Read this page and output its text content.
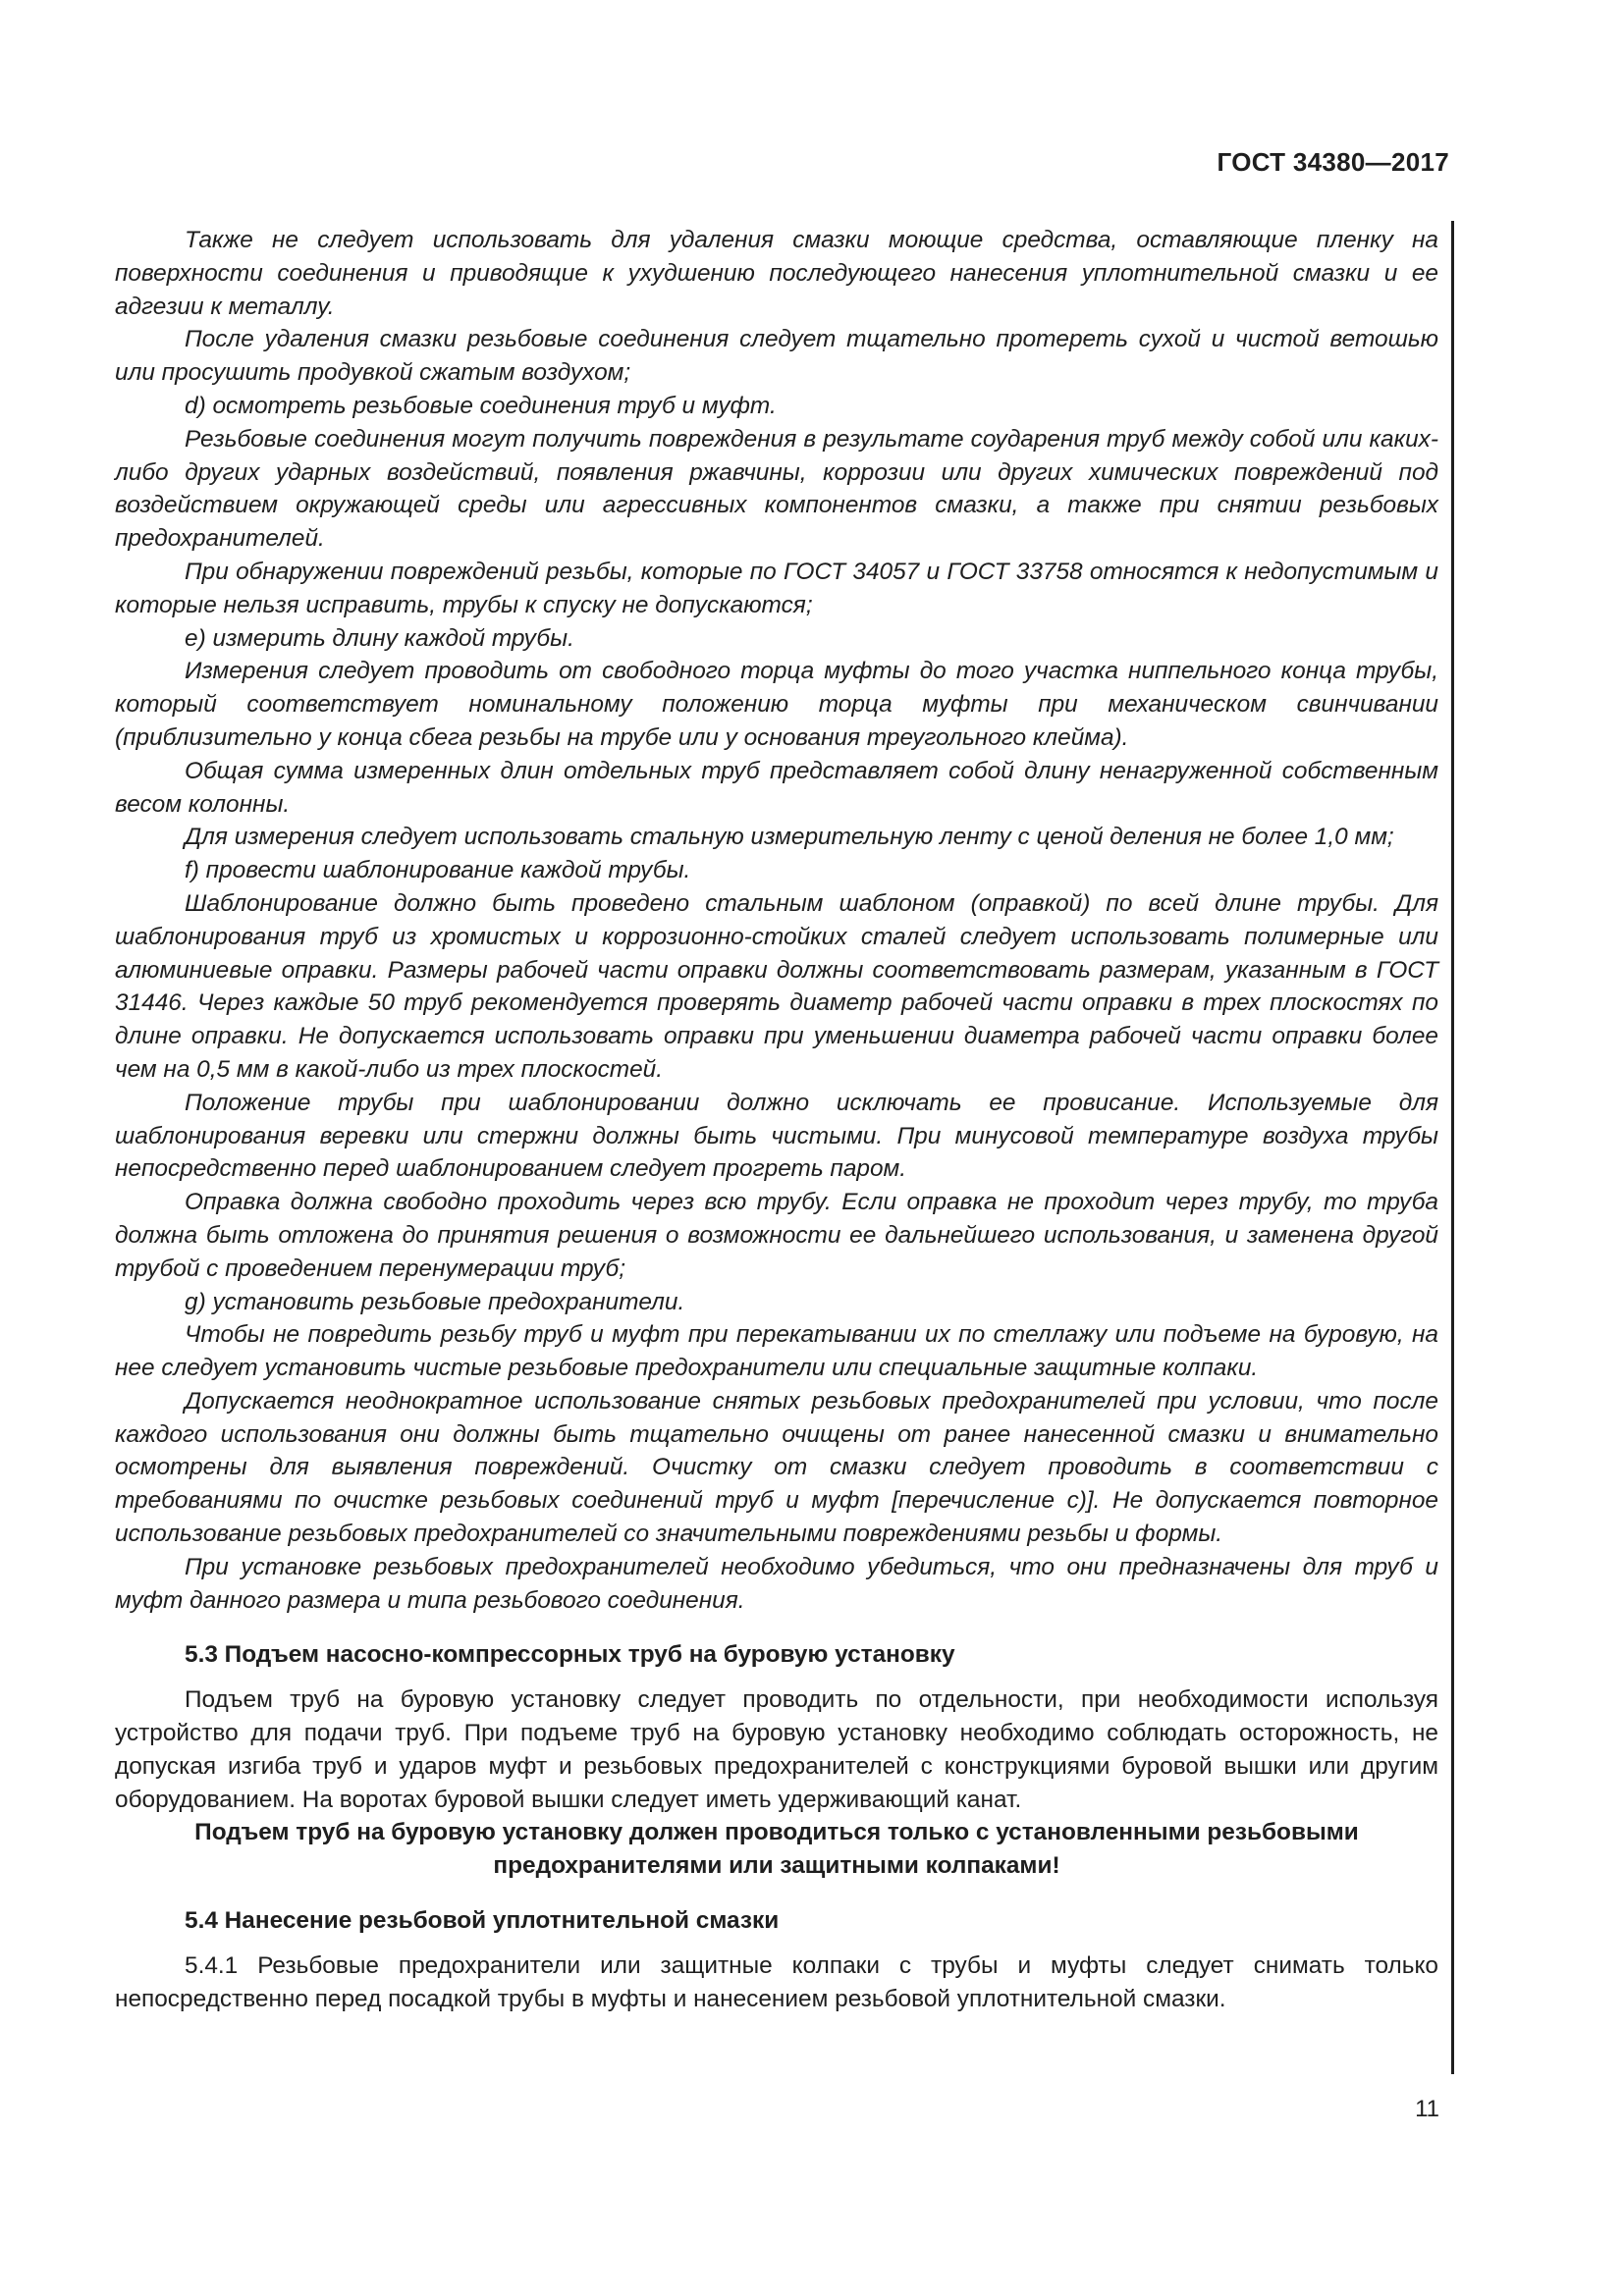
ГОСТ 34380—2017

Также не следует использовать для удаления смазки моющие средства, оставляющие пленку на поверхности соединения и приводящие к ухудшению последующего нанесения уплотнительной смазки и ее адгезии к металлу.

После удаления смазки резьбовые соединения следует тщательно протереть сухой и чистой ветошью или просушить продувкой сжатым воздухом;

d) осмотреть резьбовые соединения труб и муфт.

Резьбовые соединения могут получить повреждения в результате соударения труб между собой или каких-либо других ударных воздействий, появления ржавчины, коррозии или других химических повреждений под воздействием окружающей среды или агрессивных компонентов смазки, а также при снятии резьбовых предохранителей.

При обнаружении повреждений резьбы, которые по ГОСТ 34057 и ГОСТ 33758 относятся к недопустимым и которые нельзя исправить, трубы к спуску не допускаются;

e) измерить длину каждой трубы.

Измерения следует проводить от свободного торца муфты до того участка ниппельного конца трубы, который соответствует номинальному положению торца муфты при механическом свинчивании (приблизительно у конца сбега резьбы на трубе или у основания треугольного клейма).

Общая сумма измеренных длин отдельных труб представляет собой длину ненагруженной собственным весом колонны.

Для измерения следует использовать стальную измерительную ленту с ценой деления не более 1,0 мм;

f) провести шаблонирование каждой трубы.

Шаблонирование должно быть проведено стальным шаблоном (оправкой) по всей длине трубы. Для шаблонирования труб из хромистых и коррозионно-стойких сталей следует использовать полимерные или алюминиевые оправки. Размеры рабочей части оправки должны соответствовать размерам, указанным в ГОСТ 31446. Через каждые 50 труб рекомендуется проверять диаметр рабочей части оправки в трех плоскостях по длине оправки. Не допускается использовать оправки при уменьшении диаметра рабочей части оправки более чем на 0,5 мм в какой-либо из трех плоскостей.

Положение трубы при шаблонировании должно исключать ее провисание. Используемые для шаблонирования веревки или стержни должны быть чистыми. При минусовой температуре воздуха трубы непосредственно перед шаблонированием следует прогреть паром.

Оправка должна свободно проходить через всю трубу. Если оправка не проходит через трубу, то труба должна быть отложена до принятия решения о возможности ее дальнейшего использования, и заменена другой трубой с проведением перенумерации труб;

g) установить резьбовые предохранители.

Чтобы не повредить резьбу труб и муфт при перекатывании их по стеллажу или подъеме на буровую, на нее следует установить чистые резьбовые предохранители или специальные защитные колпаки.

Допускается неоднократное использование снятых резьбовых предохранителей при условии, что после каждого использования они должны быть тщательно очищены от ранее нанесенной смазки и внимательно осмотрены для выявления повреждений. Очистку от смазки следует проводить в соответствии с требованиями по очистке резьбовых соединений труб и муфт [перечисление с)]. Не допускается повторное использование резьбовых предохранителей со значительными повреждениями резьбы и формы.

При установке резьбовых предохранителей необходимо убедиться, что они предназначены для труб и муфт данного размера и типа резьбового соединения.

5.3 Подъем насосно-компрессорных труб на буровую установку

Подъем труб на буровую установку следует проводить по отдельности, при необходимости используя устройство для подачи труб. При подъеме труб на буровую установку необходимо соблюдать осторожность, не допуская изгиба труб и ударов муфт и резьбовых предохранителей с конструкциями буровой вышки или другим оборудованием. На воротах буровой вышки следует иметь удерживающий канат.

Подъем труб на буровую установку должен проводиться только с установленными резьбовыми предохранителями или защитными колпаками!
5.4 Нанесение резьбовой уплотнительной смазки

5.4.1 Резьбовые предохранители или защитные колпаки с трубы и муфты следует снимать только непосредственно перед посадкой трубы в муфты и нанесением резьбовой уплотнительной смазки.

11
